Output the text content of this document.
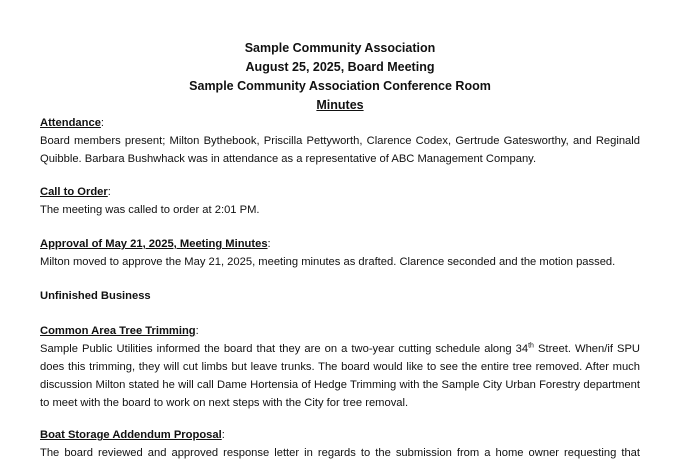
Sample Community Association
August 25, 2025, Board Meeting
Sample Community Association Conference Room
Minutes
Attendance:
Board members present; Milton Bythebook, Priscilla Pettyworth, Clarence Codex, Gertrude Gatesworthy, and Reginald
Quibble. Barbara Bushwhack was in attendance as a representative of ABC Management Company.
Call to Order:
The meeting was called to order at 2:01 PM.
Approval of May 21, 2025, Meeting Minutes:
Milton moved to approve the May 21, 2025, meeting minutes as drafted. Clarence seconded and the motion passed.
Unfinished Business
Common Area Tree Trimming:
Sample Public Utilities informed the board that they are on a two-year cutting schedule along 34th Street. When/if SPU
does this trimming, they will cut limbs but leave trunks. The board would like to see the entire tree removed. After much
discussion Milton stated he will call Dame Hortensia of Hedge Trimming with the Sample City Urban Forestry department
to meet with the board to work on next steps with the City for tree removal.
Boat Storage Addendum Proposal:
The board reviewed and approved response letter in regards to the submission from a home owner requesting that
